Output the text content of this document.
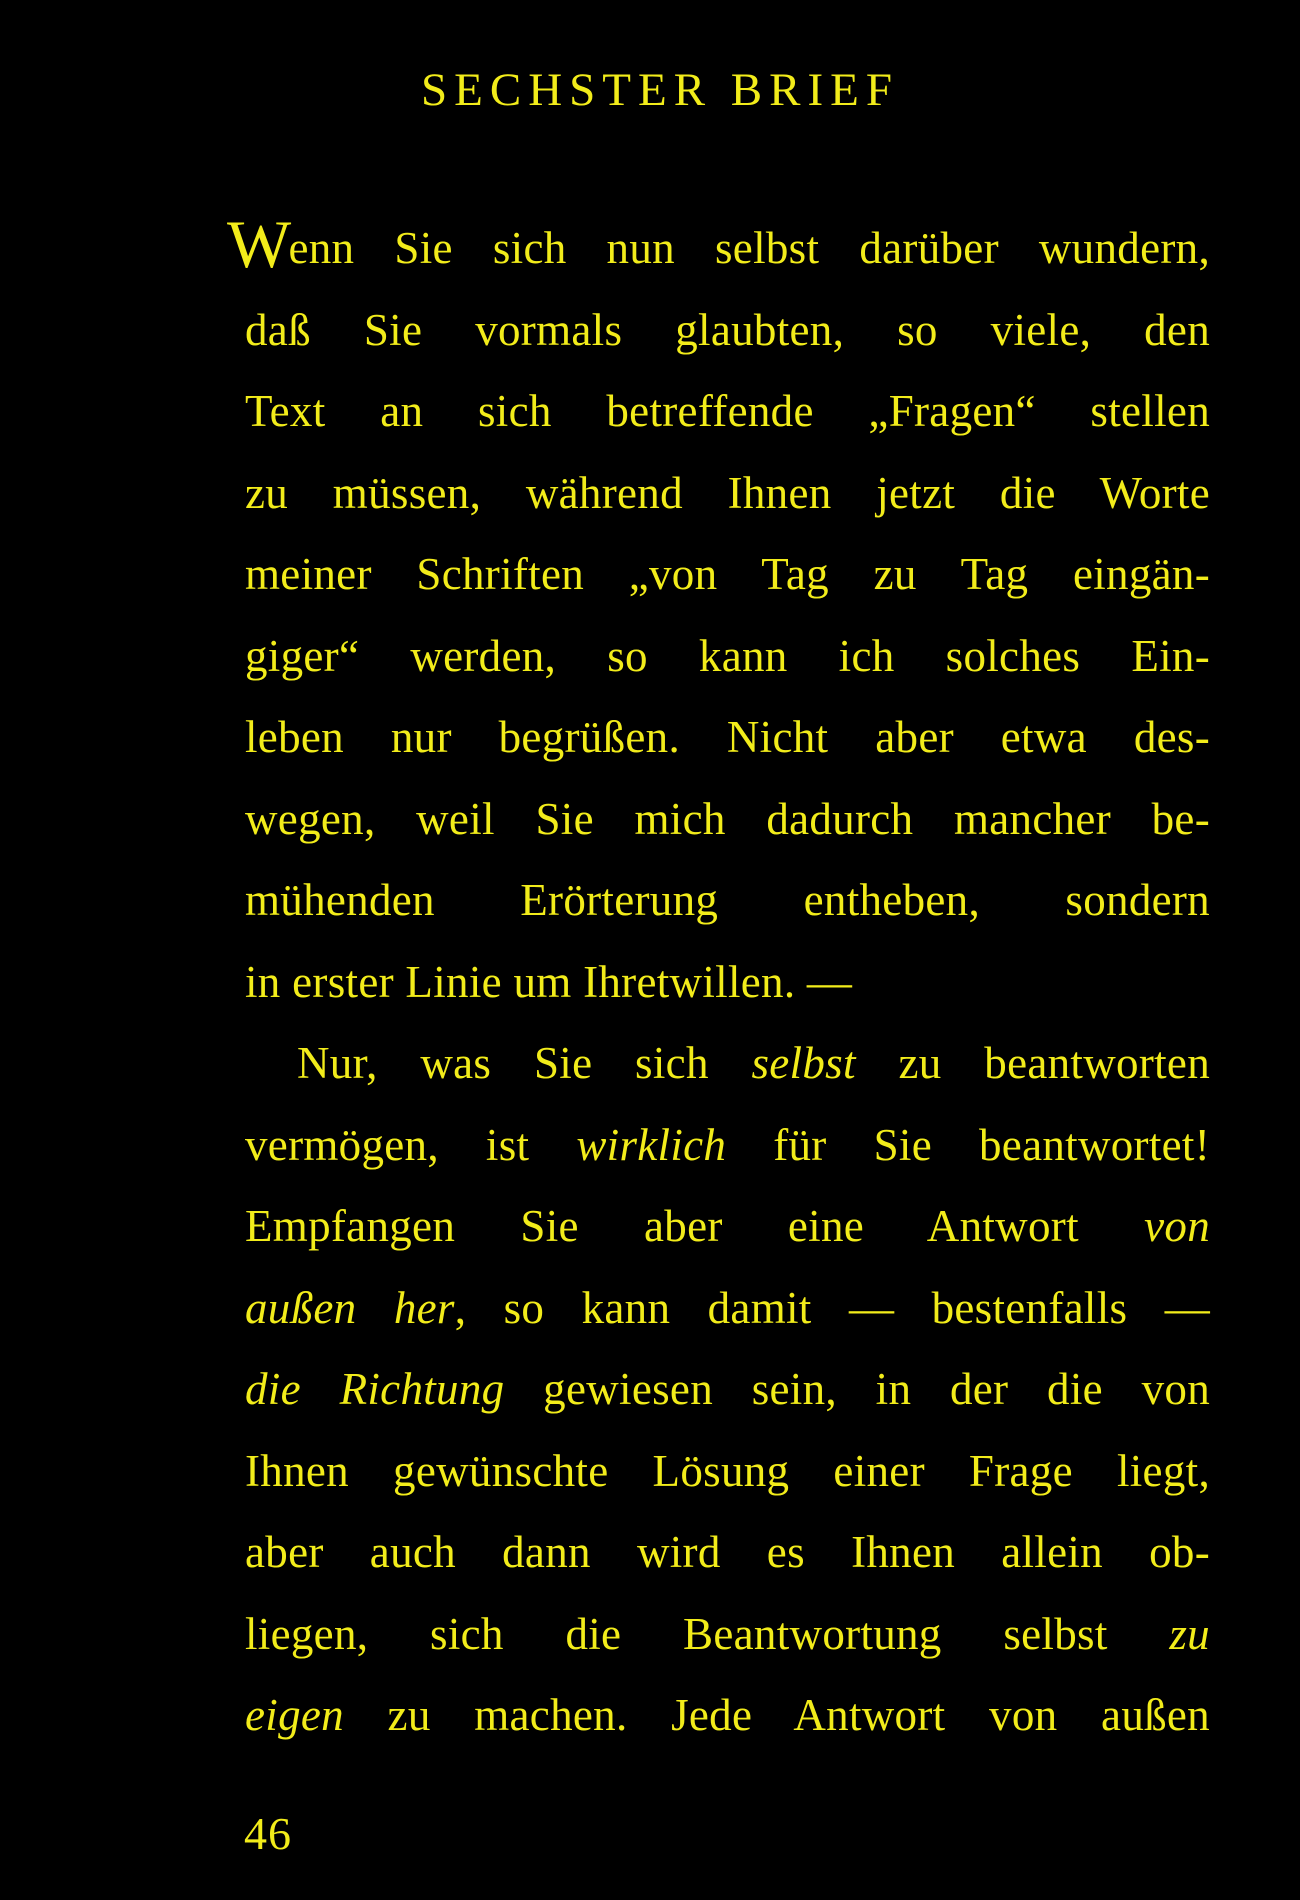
SECHSTER BRIEF
Wenn Sie sich nun selbst darüber wundern,
daß Sie vormals glaubten, so viele, den
Text an sich betreffende „Fragen“ stellen
zu müssen, während Ihnen jetzt die Worte
meiner Schriften „von Tag zu Tag eingän-
giger“ werden, so kann ich solches Ein-
leben nur begrüßen. Nicht aber etwa des-
wegen, weil Sie mich dadurch mancher be-
mühenden Erörterung entheben, sondern
in erster Linie um Ihretwillen. —
Nur, was Sie sich selbst zu beantworten
vermögen, ist wirklich für Sie beantwortet!
Empfangen Sie aber eine Antwort von
außen her, so kann damit — bestenfalls —
die Richtung gewiesen sein, in der die von
Ihnen gewünschte Lösung einer Frage liegt,
aber auch dann wird es Ihnen allein ob-
liegen, sich die Beantwortung selbst zu
eigen zu machen. Jede Antwort von außen
46
